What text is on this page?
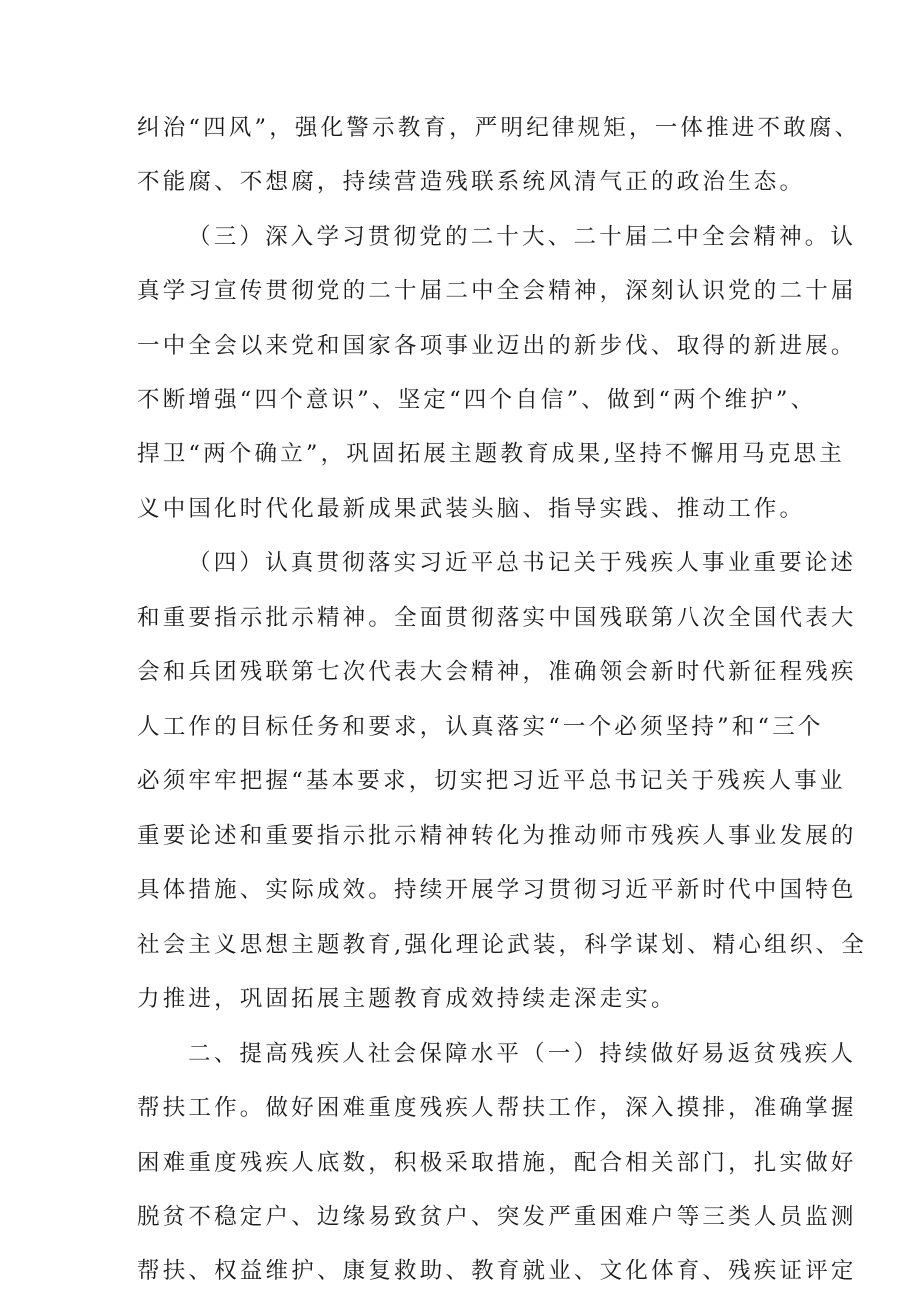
纠治“四风”，强化警示教育，严明纪律规矩，一体推进不敢腐、
不能腐、不想腐，持续营造残联系统风清气正的政治生态。
（三）深入学习贯彻党的二十大、二十届二中全会精神。认
真学习宣传贯彻党的二十届二中全会精神，深刻认识党的二十届
一中全会以来党和国家各项事业迈出的新步伐、取得的新进展。
不断增强“四个意识”、坚定“四个自信”、做到“两个维护”、
捍卫“两个确立”，巩固拓展主题教育成果,坚持不懈用马克思主
义中国化时代化最新成果武装头脑、指导实践、推动工作。
（四）认真贯彻落实习近平总书记关于残疾人事业重要论述
和重要指示批示精神。全面贯彻落实中国残联第八次全国代表大
会和兵团残联第七次代表大会精神，准确领会新时代新征程残疾
人工作的目标任务和要求，认真落实“一个必须坚持”和“三个
必须牢牢把握“基本要求，切实把习近平总书记关于残疾人事业
重要论述和重要指示批示精神转化为推动师市残疾人事业发展的
具体措施、实际成效。持续开展学习贯彻习近平新时代中国特色
社会主义思想主题教育,强化理论武装，科学谋划、精心组织、全
力推进，巩固拓展主题教育成效持续走深走实。
二、提高残疾人社会保障水平（一）持续做好易返贫残疾人
帮扶工作。做好困难重度残疾人帮扶工作，深入摸排，准确掌握
困难重度残疾人底数，积极采取措施，配合相关部门，扎实做好
脱贫不稳定户、边缘易致贫户、突发严重困难户等三类人员监测
帮扶、权益维护、康复救助、教育就业、文化体育、残疾证评定
